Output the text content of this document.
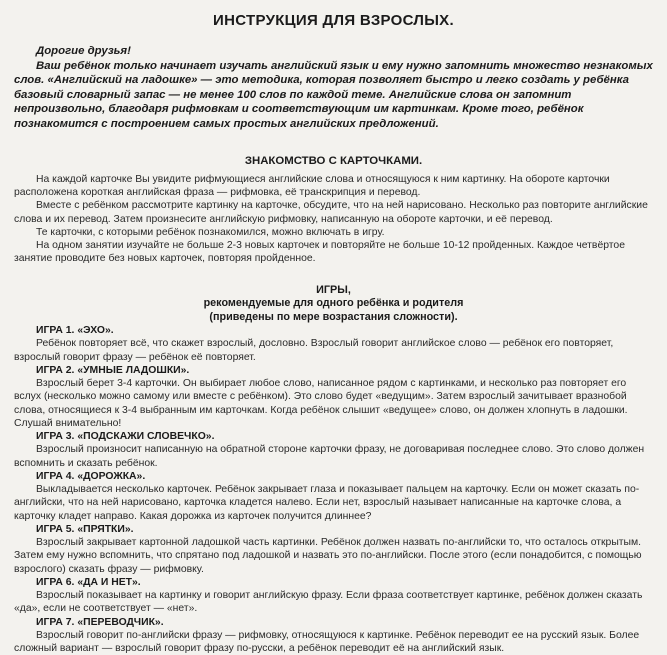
ИНСТРУКЦИЯ ДЛЯ ВЗРОСЛЫХ.
Дорогие друзья!

Ваш ребёнок только начинает изучать английский язык и ему нужно запомнить множество незнакомых слов. «Английский на ладошке» — это методика, которая позволяет быстро и легко создать у ребёнка базовый словарный запас — не менее 100 слов по каждой теме. Английские слова он запомнит непроизвольно, благодаря рифмовкам и соответствующим им картинкам. Кроме того, ребёнок познакомится с построением самых простых английских предложений.

ЗНАКОМСТВО С КАРТОЧКАМИ.

На каждой карточке Вы увидите рифмующиеся английские слова и относящуюся к ним картинку. На обороте карточки расположена короткая английская фраза — рифмовка, её транскрипция и перевод.

Вместе с ребёнком рассмотрите картинку на карточке, обсудите, что на ней нарисовано. Несколько раз повторите английские слова и их перевод. Затем произнесите английскую рифмовку, написанную на обороте карточки, и её перевод.

Те карточки, с которыми ребёнок познакомился, можно включать в игру.

На одном занятии изучайте не больше 2-3 новых карточек и повторяйте не больше 10-12 пройденных. Каждое четвёртое занятие проводите без новых карточек, повторяя пройденное.

ИГРЫ,
рекомендуемые для одного ребёнка и родителя
(приведены по мере возрастания сложности).
ИГРА 1. «ЭХО».
Ребёнок повторяет всё, что скажет взрослый, дословно. Взрослый говорит английское слово — ребёнок его повторяет, взрослый говорит фразу — ребёнок её повторяет.
ИГРА 2. «УМНЫЕ ЛАДОШКИ».
Взрослый берет 3-4 карточки. Он выбирает любое слово, написанное рядом с картинками, и несколько раз повторяет его вслух (несколько можно самому или вместе с ребёнком). Это слово будет «ведущим». Затем взрослый зачитывает вразнобой слова, относящиеся к 3-4 выбранным им карточкам. Когда ребёнок слышит «ведущее» слово, он должен хлопнуть в ладошки. Слушай внимательно!
ИГРА 3. «ПОДСКАЖИ СЛОВЕЧКО».
Взрослый произносит написанную на обратной стороне карточки фразу, не договаривая последнее слово. Это слово должен вспомнить и сказать ребёнок.
ИГРА 4. «ДОРОЖКА».
Выкладывается несколько карточек. Ребёнок закрывает глаза и показывает пальцем на карточку. Если он может сказать по-английски, что на ней нарисовано, карточка кладется налево. Если нет, взрослый называет написанные на карточке слова, а карточку кладет направо. Какая дорожка из карточек получится длиннее?
ИГРА 5. «ПРЯТКИ».
Взрослый закрывает картонной ладошкой часть картинки. Ребёнок должен назвать по-английски то, что осталось открытым. Затем ему нужно вспомнить, что спрятано под ладошкой и назвать это по-английски. После этого (если понадобится, с помощью взрослого) сказать фразу — рифмовку.
ИГРА 6. «ДА И НЕТ».
Взрослый показывает на картинку и говорит английскую фразу. Если фраза соответствует картинке, ребёнок должен сказать «да», если не соответствует — «нет».
ИГРА 7. «ПЕРЕВОДЧИК».
Взрослый говорит по-английски фразу — рифмовку, относящуюся к картинке. Ребёнок переводит ее на русский язык. Более сложный вариант — взрослый говорит фразу по-русски, а ребёнок переводит её на английский язык.
